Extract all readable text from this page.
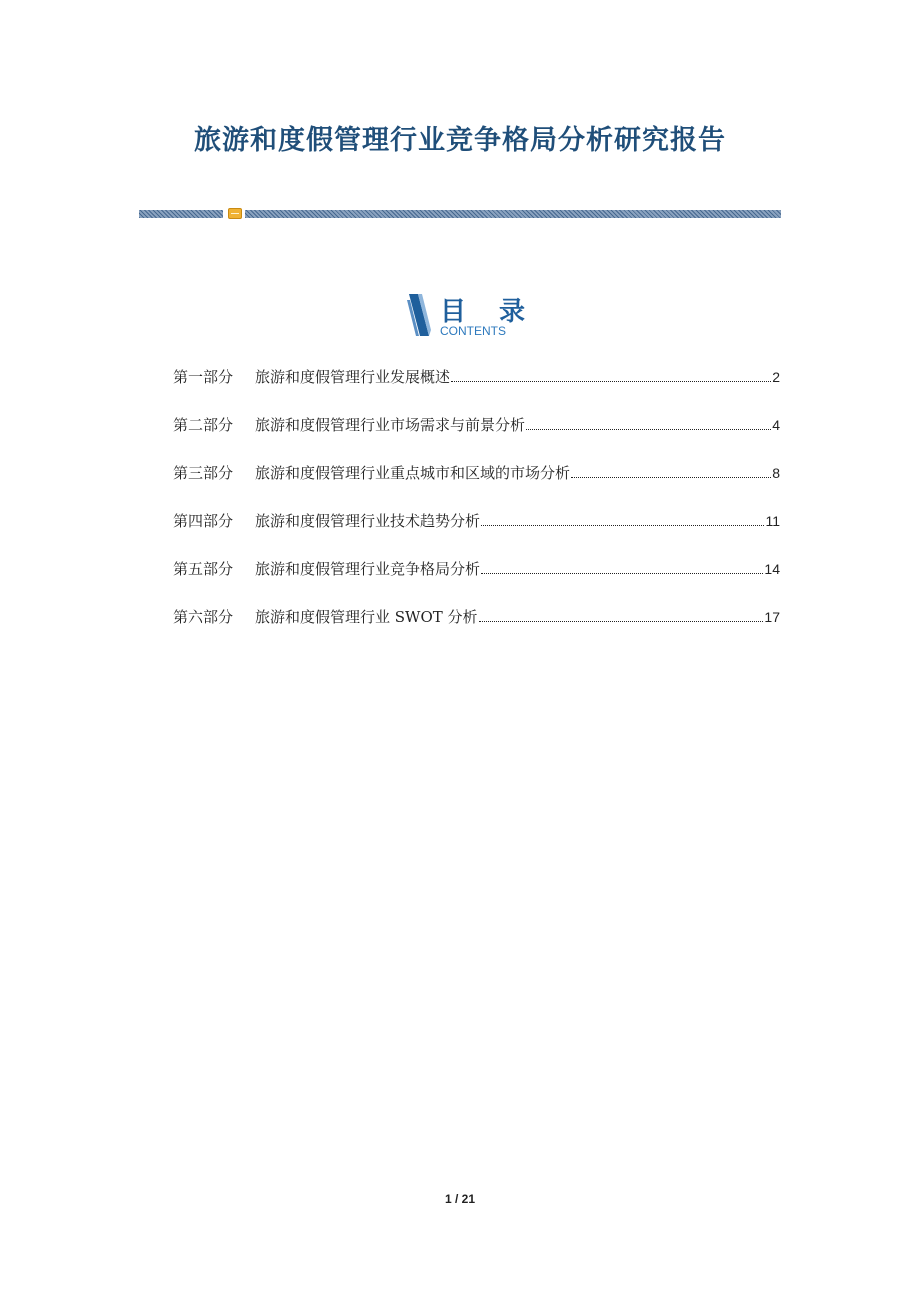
旅游和度假管理行业竞争格局分析研究报告
目 录
CONTENTS
第一部分	旅游和度假管理行业发展概述	2
第二部分	旅游和度假管理行业市场需求与前景分析	4
第三部分	旅游和度假管理行业重点城市和区域的市场分析	8
第四部分	旅游和度假管理行业技术趋势分析	11
第五部分	旅游和度假管理行业竞争格局分析	14
第六部分	旅游和度假管理行业 SWOT 分析	17
1 / 21
